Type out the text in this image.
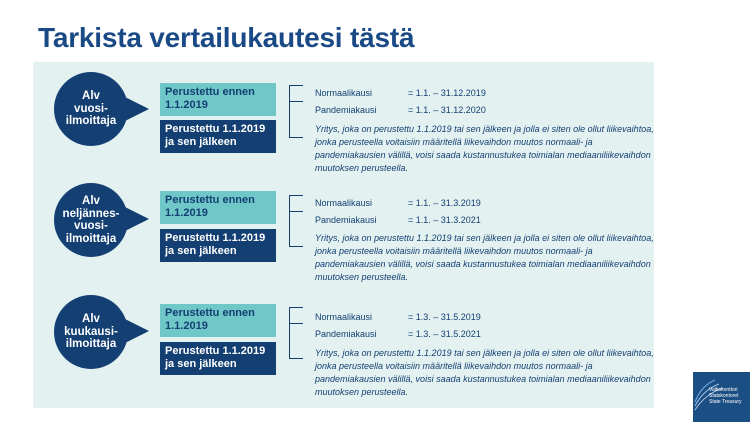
Tarkista vertailukautesi tästä
Alv
vuosi-
ilmoittaja
Perustettu ennen 1.1.2019
Perustettu 1.1.2019 ja sen jälkeen
Normaalikausi	= 1.1. – 31.12.2019
Pandemiakausi	= 1.1. – 31.12.2020
Yritys, joka on perustettu 1.1.2019 tai sen jälkeen ja jolla ei siten ole ollut liikevaihtoa, jonka perusteella voitaisiin määritellä liikevaihdon muutos normaali- ja pandemiakausien välillä, voisi saada kustannustukea toimialan mediaaniliikevaihdon muutoksen perusteella.
Alv
neljännes-
vuosi-
ilmoittaja
Perustettu ennen 1.1.2019
Perustettu 1.1.2019 ja sen jälkeen
Normaalikausi	= 1.1. – 31.3.2019
Pandemiakausi	= 1.1. – 31.3.2021
Yritys, joka on perustettu 1.1.2019 tai sen jälkeen ja jolla ei siten ole ollut liikevaihtoa, jonka perusteella voitaisiin määritellä liikevaihdon muutos normaali- ja pandemiakausien välillä, voisi saada kustannustukea toimialan mediaaniliikevaihdon muutoksen perusteella.
Alv
kuukausi-
ilmoittaja
Perustettu ennen 1.1.2019
Perustettu 1.1.2019 ja sen jälkeen
Normaalikausi	= 1.3. – 31.5.2019
Pandemiakausi	= 1.3. – 31.5.2021
Yritys, joka on perustettu 1.1.2019 tai sen jälkeen ja jolla ei siten ole ollut liikevaihtoa, jonka perusteella voitaisiin määritellä liikevaihdon muutos normaali- ja pandemiakausien välillä, voisi saada kustannustukea toimialan mediaaniliikevaihdon muutoksen perusteella.	Valtiokonttori
Statskontoret
State Treasury
